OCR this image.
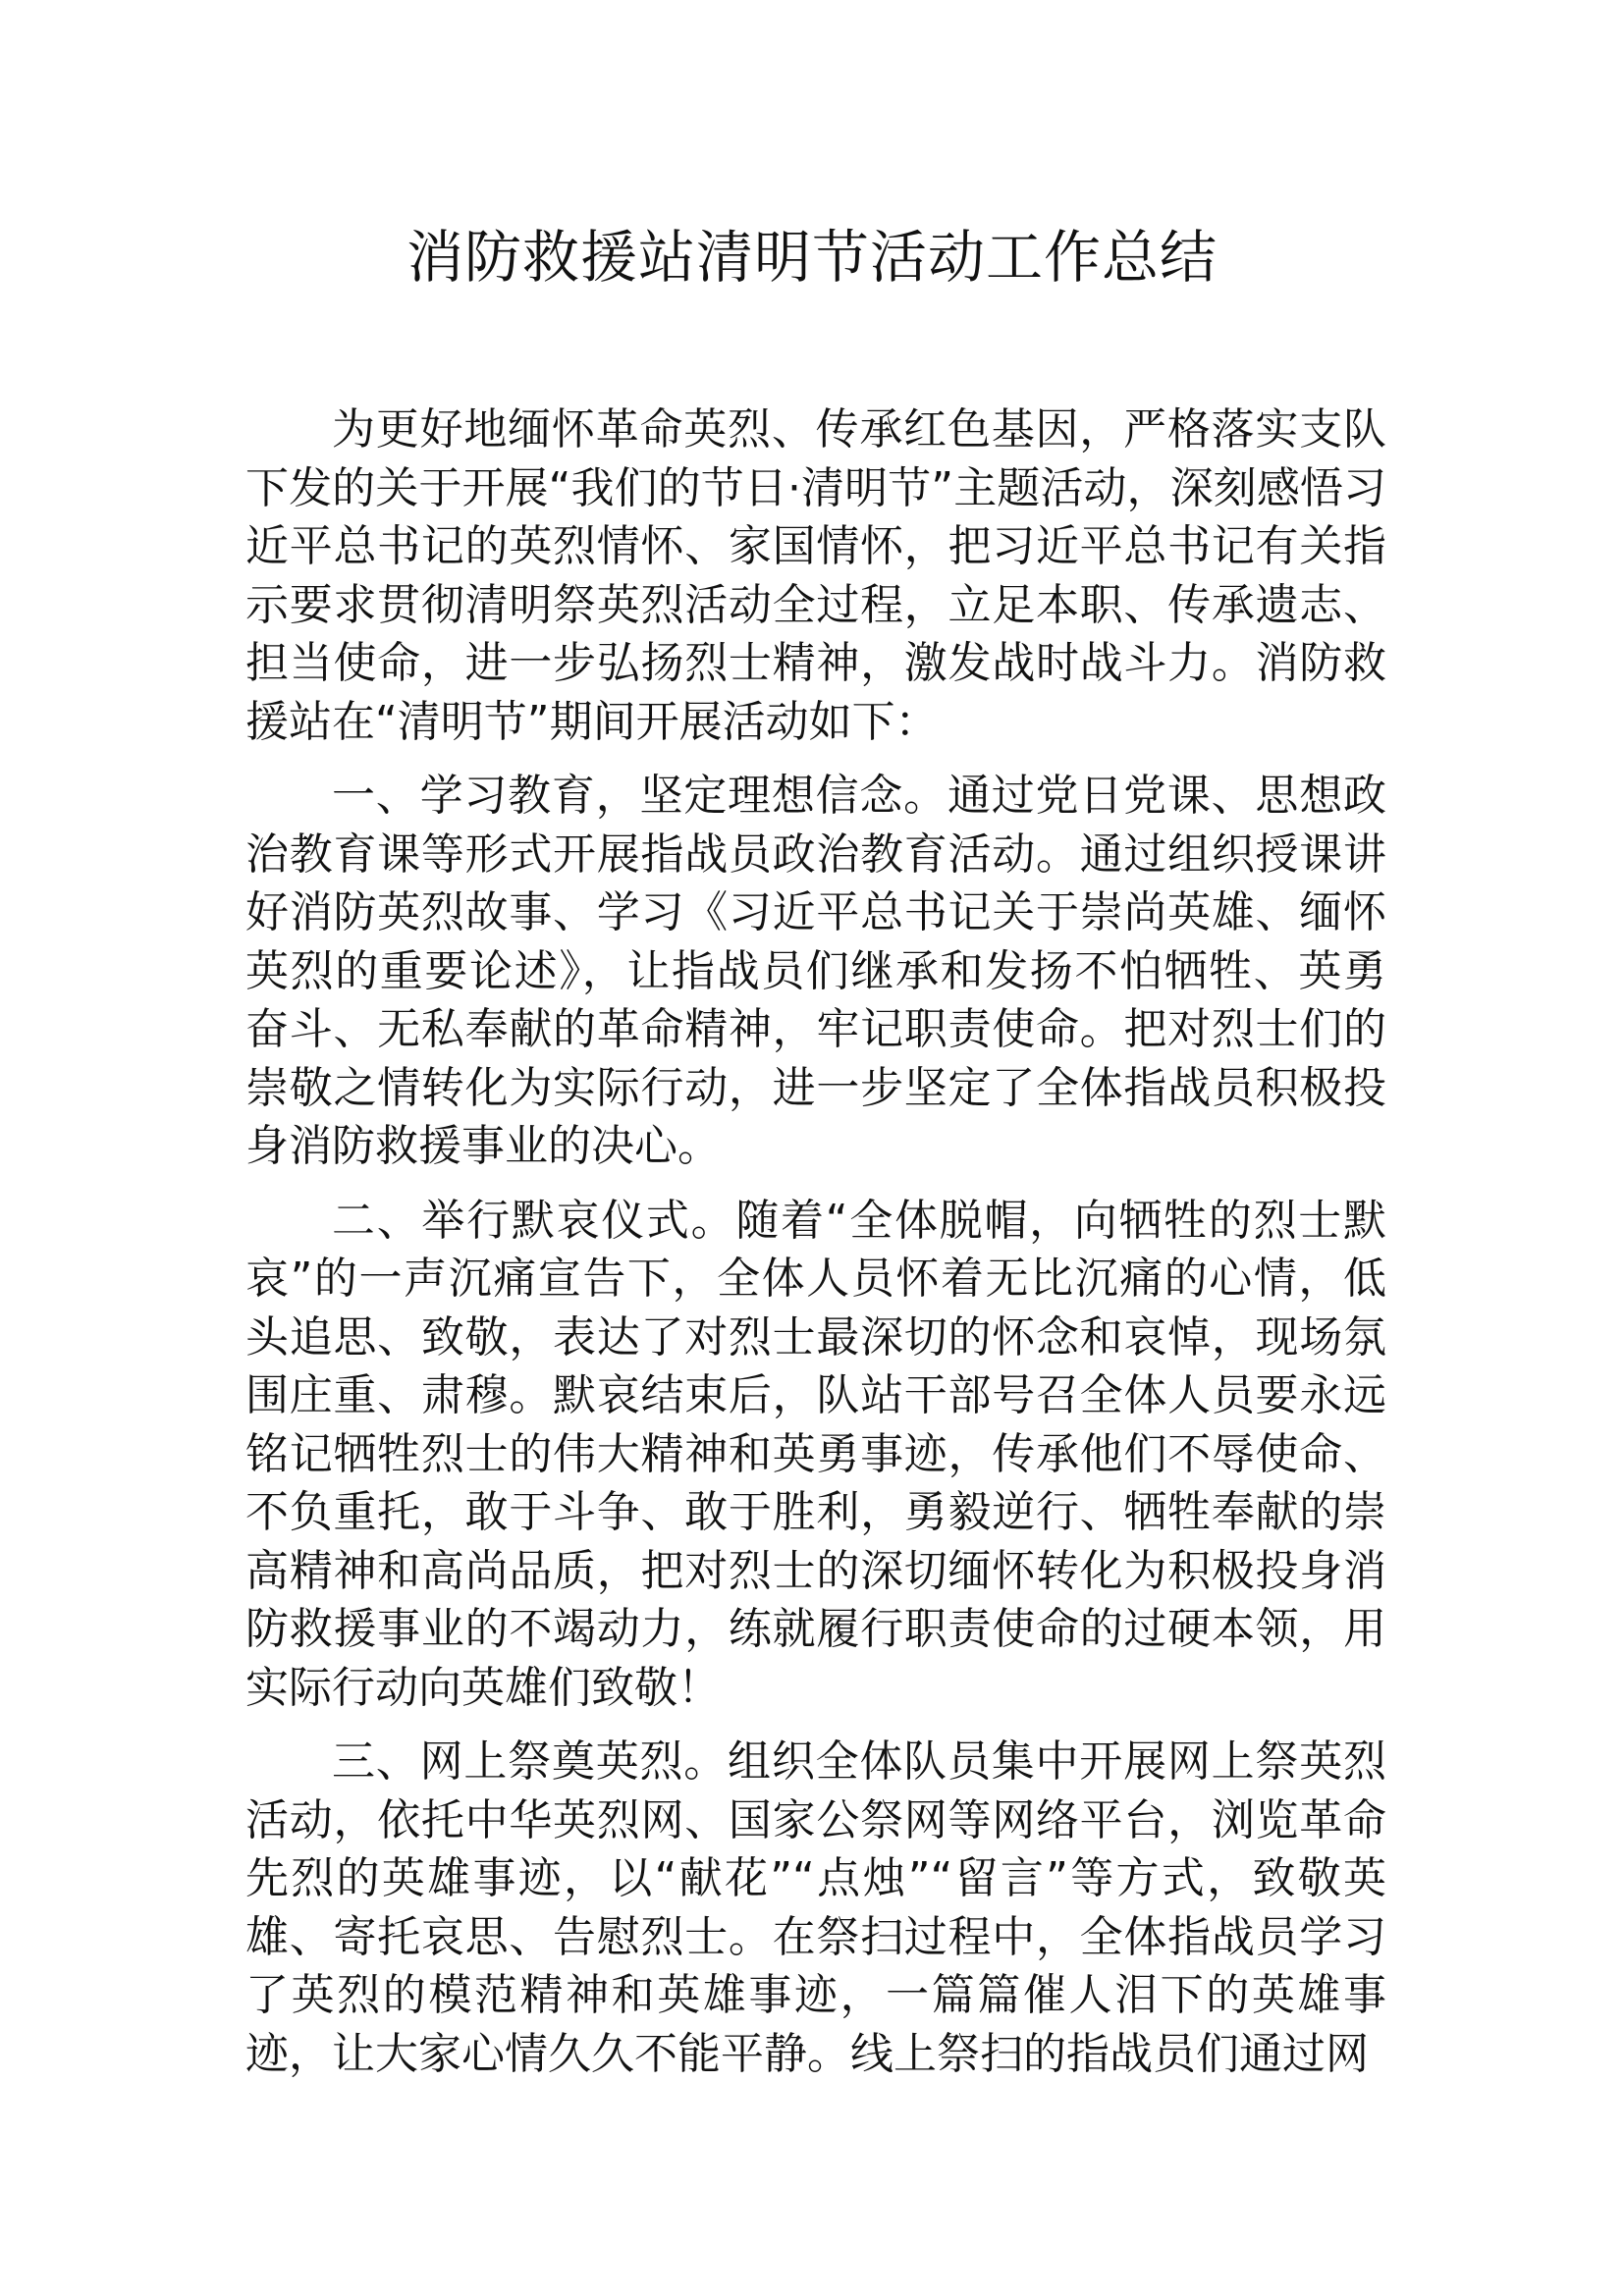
消防救援站清明节活动工作总结

为更好地缅怀革命英烈、传承红色基因，严格落实支队下发的关于开展“我们的节日·清明节”主题活动，深刻感悟习近平总书记的英烈情怀、家国情怀，把习近平总书记有关指示要求贯彻清明祭英烈活动全过程，立足本职、传承遗志、担当使命，进一步弘扬烈士精神，激发战时战斗力。消防救援站在“清明节”期间开展活动如下：

一、学习教育，坚定理想信念。通过党日党课、思想政治教育课等形式开展指战员政治教育活动。通过组织授课讲好消防英烈故事、学习《习近平总书记关于崇尚英雄、缅怀英烈的重要论述》，让指战员们继承和发扬不怕牺牲、英勇奋斗、无私奉献的革命精神，牢记职责使命。把对烈士们的崇敬之情转化为实际行动，进一步坚定了全体指战员积极投身消防救援事业的决心。

二、举行默哀仪式。随着“全体脱帽，向牺牲的烈士默哀”的一声沉痛宣告下，全体人员怀着无比沉痛的心情，低头追思、致敬，表达了对烈士最深切的怀念和哀悼，现场氛围庄重、肃穆。默哀结束后，队站干部号召全体人员要永远铭记牺牲烈士的伟大精神和英勇事迹，传承他们不辱使命、不负重托，敢于斗争、敢于胜利，勇毅逆行、牺牲奉献的崇高精神和高尚品质，把对烈士的深切缅怀转化为积极投身消防救援事业的不竭动力，练就履行职责使命的过硬本领，用实际行动向英雄们致敬！

三、网上祭奠英烈。组织全体队员集中开展网上祭英烈活动，依托中华英烈网、国家公祭网等网络平台，浏览革命先烈的英雄事迹，以“献花”“点烛”“留言”等方式，致敬英雄、寄托哀思、告慰烈士。在祭扫过程中，全体指战员学习了英烈的模范精神和英雄事迹，一篇篇催人泪下的英雄事迹，让大家心情久久不能平静。线上祭扫的指战员们通过网
